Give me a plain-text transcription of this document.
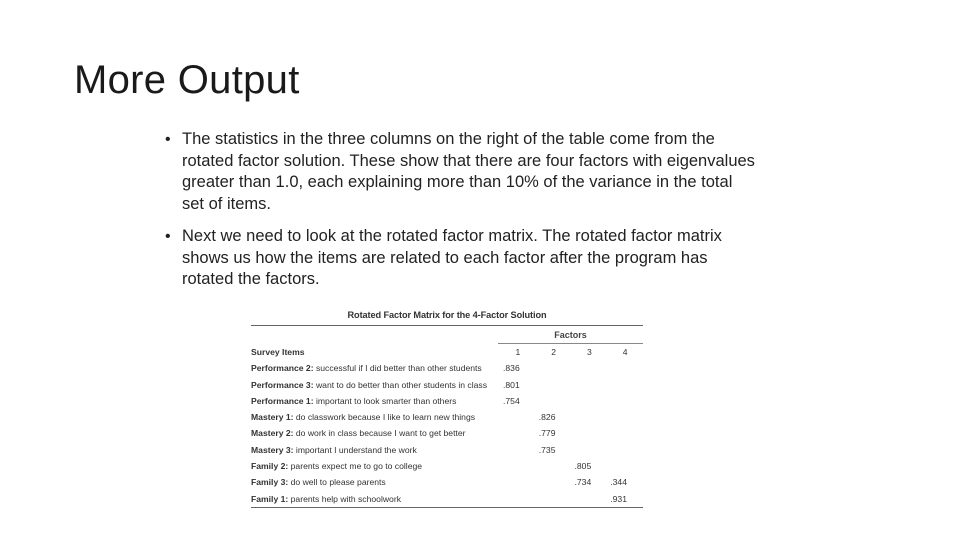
More Output
• The statistics in the three columns on the right of the table come from the rotated factor solution. These show that there are four factors with eigenvalues greater than 1.0, each explaining more than 10% of the variance in the total set of items.
• Next we need to look at the rotated factor matrix. The rotated factor matrix shows us how the items are related to each factor after the program has rotated the factors.
Rotated Factor Matrix for the 4-Factor Solution
Factors
Survey Items	1	2	3	4
Performance 2: successful if I did better than other students	.836			
Performance 3: want to do better than other students in class	.801			
Performance 1: important to look smarter than others	.754			
Mastery 1: do classwork because I like to learn new things		.826		
Mastery 2: do work in class because I want to get better		.779		
Mastery 3: important I understand the work		.735		
Family 2: parents expect me to go to college			.805	
Family 3: do well to please parents			.734	.344
Family 1: parents help with schoolwork				.931
